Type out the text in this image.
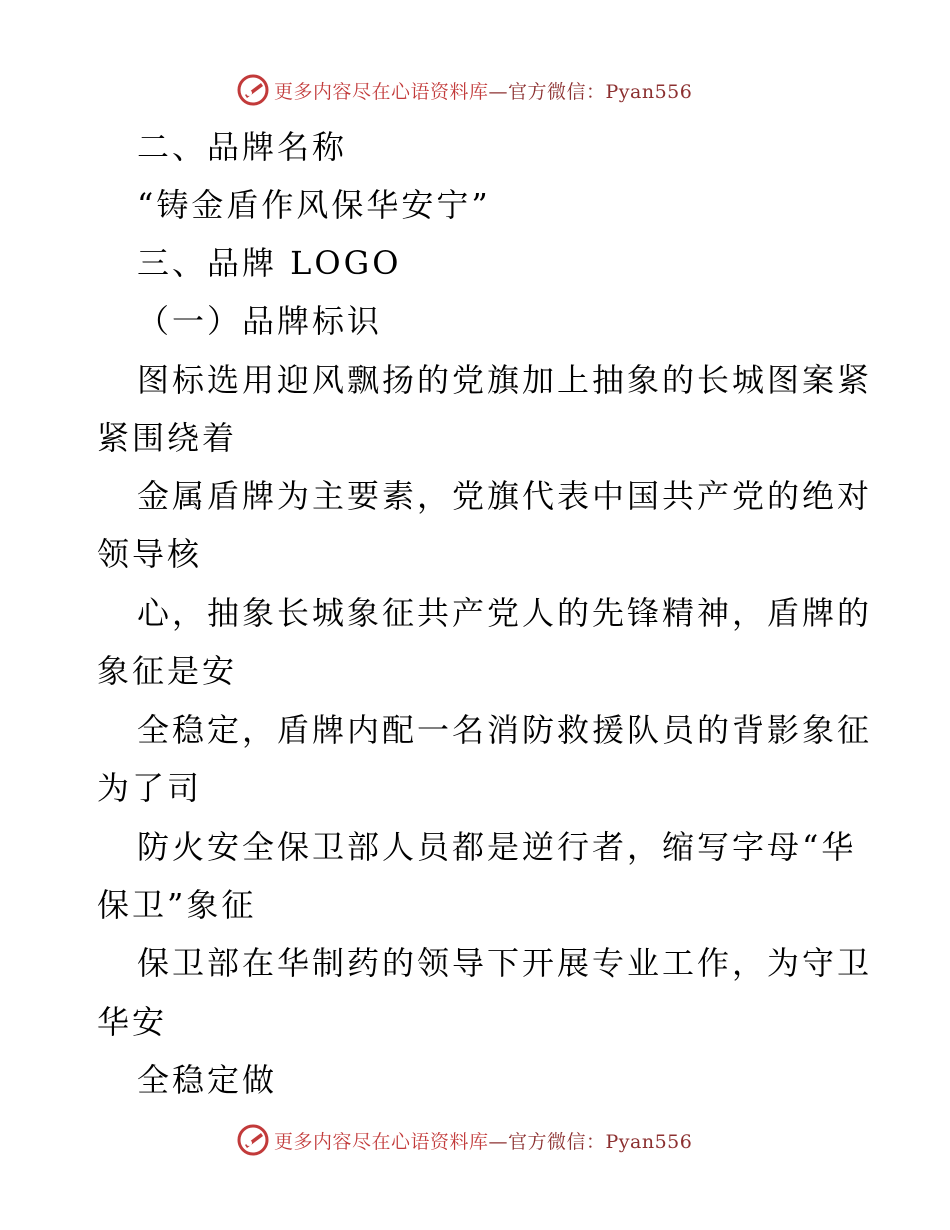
更多内容尽在心语资料库—官方微信：Pyan556
二、品牌名称
“铸金盾作风保华安宁”
三、品牌 LOGO
（一）品牌标识
图标选用迎风飘扬的党旗加上抽象的长城图案紧
紧围绕着
金属盾牌为主要素，党旗代表中国共产党的绝对
领导核
心，抽象长城象征共产党人的先锋精神，盾牌的
象征是安
全稳定，盾牌内配一名消防救援队员的背影象征
为了司
防火安全保卫部人员都是逆行者，缩写字母“华
保卫”象征
保卫部在华制药的领导下开展专业工作，为守卫
华安
全稳定做
更多内容尽在心语资料库—官方微信：Pyan556
